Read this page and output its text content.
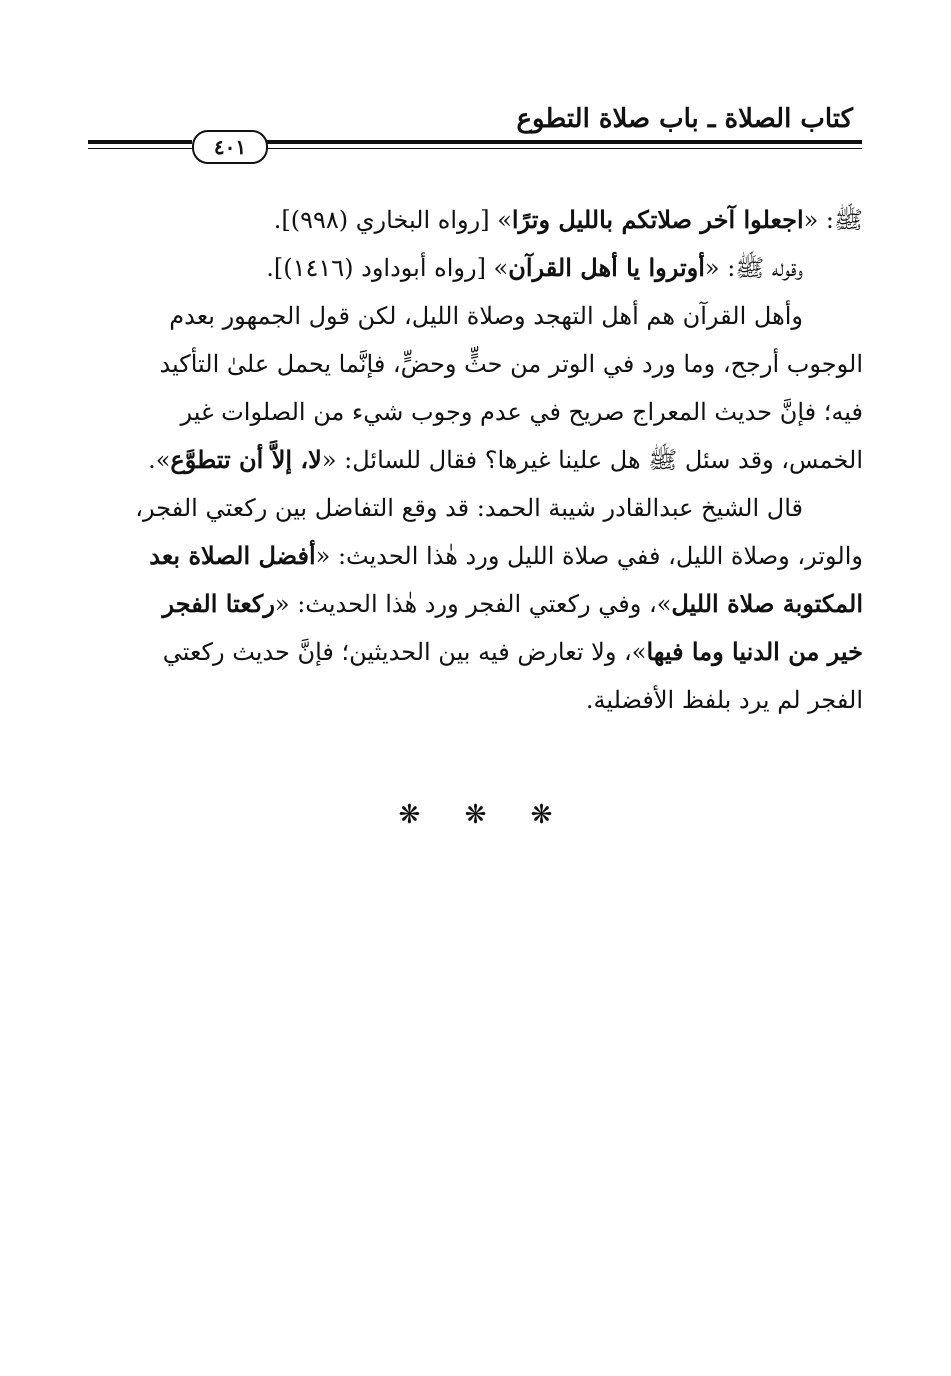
كتاب الصلاة ـ باب صلاة التطوع
٤٠١
ﷺ: «اجعلوا آخر صلاتكم بالليل وترًا» [رواه البخاري (٩٩٨)].
وقوله ﷺ: «أوتروا يا أهل القرآن» [رواه أبوداود (١٤١٦)].
وأهل القرآن هم أهل التهجد وصلاة الليل، لكن قول الجمهور بعدم
الوجوب أرجح، وما ورد في الوتر من حثٍّ وحضٍّ، فإنَّما يحمل علىٰ التأكيد
فيه؛ فإنَّ حديث المعراج صريح في عدم وجوب شيء من الصلوات غير
الخمس، وقد سئل ﷺ هل علينا غيرها؟ فقال للسائل: «لا، إلاَّ أن تتطوَّع».
قال الشيخ عبدالقادر شيبة الحمد: قد وقع التفاضل بين ركعتي الفجر،
والوتر، وصلاة الليل، ففي صلاة الليل ورد هٰذا الحديث: «أفضل الصلاة بعد
المكتوبة صلاة الليل»، وفي ركعتي الفجر ورد هٰذا الحديث: «ركعتا الفجر
خير من الدنيا وما فيها»، ولا تعارض فيه بين الحديثين؛ فإنَّ حديث ركعتي
الفجر لم يرد بلفظ الأفضلية.
❋ ❋ ❋
